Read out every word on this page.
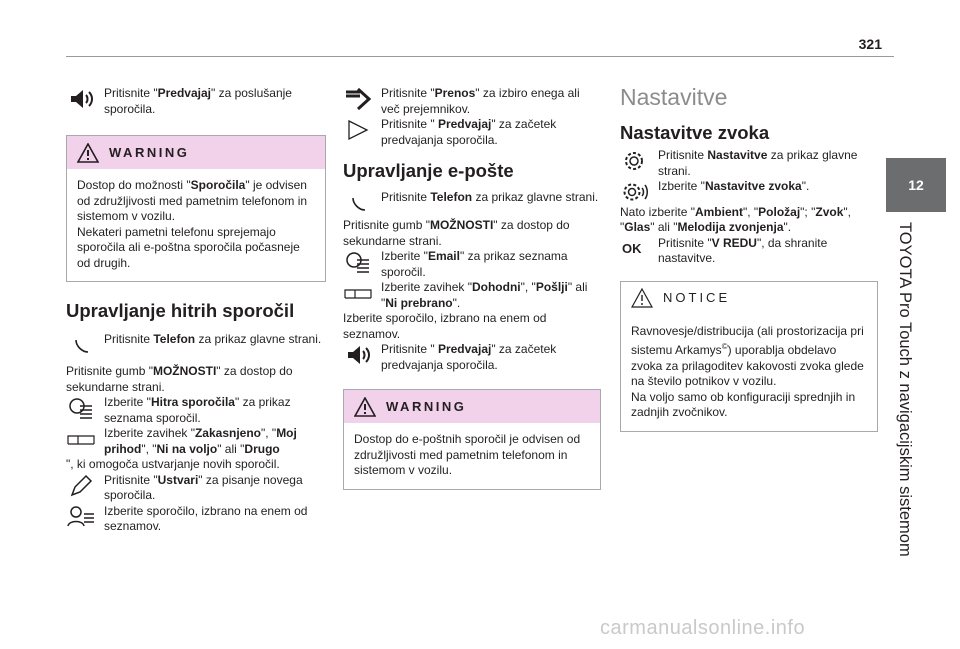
321
12
TOYOTA Pro Touch z navigacijskim sistemom

Pritisnite "Predvajaj" za poslušanje sporočila.

WARNING

Dostop do možnosti "Sporočila" je odvisen od združljivosti med pametnim telefonom in sistemom v vozilu.

Nekateri pametni telefonu sprejemajo sporočila ali e-poštna sporočila počasneje od drugih.

Upravljanje hitrih sporočil

Pritisnite Telefon za prikaz glavne strani.

Pritisnite gumb "MOŽNOSTI" za dostop do sekundarne strani.

Izberite "Hitra sporočila" za prikaz seznama sporočil.

Izberite zavihek "Zakasnjeno", "Moj prihod", "Ni na voljo" ali "Drugo

", ki omogoča ustvarjanje novih sporočil.

Pritisnite "Ustvari" za pisanje novega sporočila.

Izberite sporočilo, izbrano na enem od seznamov.

Pritisnite "Prenos" za izbiro enega ali več prejemnikov.

Pritisnite " Predvajaj" za začetek predvajanja sporočila.

Upravljanje e-pošte

Pritisnite Telefon za prikaz glavne strani.

Pritisnite gumb "MOŽNOSTI" za dostop do sekundarne strani.

Izberite "Email" za prikaz seznama sporočil.

Izberite zavihek "Dohodni", "Pošlji" ali "Ni prebrano".

Izberite sporočilo, izbrano na enem od seznamov.

Pritisnite " Predvajaj" za začetek predvajanja sporočila.

WARNING

Dostop do e-poštnih sporočil je odvisen od združljivosti med pametnim telefonom in sistemom v vozilu.

Nastavitve

Nastavitve zvoka

Pritisnite Nastavitve za prikaz glavne strani.

Izberite "Nastavitve zvoka".

Nato izberite "Ambient", "Položaj"; "Zvok", "Glas" ali "Melodija zvonjenja".

OK	Pritisnite "V REDU", da shranite nastavitve.

NOTICE

Ravnovesje/distribucija (ali prostorizacija pri sistemu Arkamys©) uporablja obdelavo zvoka za prilagoditev kakovosti zvoka glede na število potnikov v vozilu.

Na voljo samo ob konfiguraciji sprednjih in zadnjih zvočnikov.

carmanualsonline.info
